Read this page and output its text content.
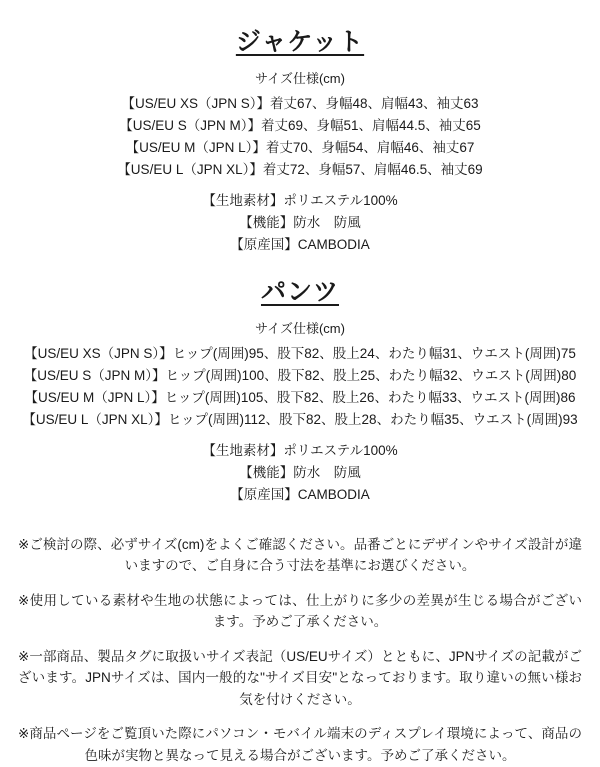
ジャケット
サイズ仕様(cm)
【US/EU XS（JPN S）】着丈67、身幅48、肩幅43、袖丈63
【US/EU S（JPN M）】着丈69、身幅51、肩幅44.5、袖丈65
【US/EU M（JPN L）】着丈70、身幅54、肩幅46、袖丈67
【US/EU L（JPN XL）】着丈72、身幅57、肩幅46.5、袖丈69
【生地素材】ポリエステル100%
【機能】防水　防風
【原産国】CAMBODIA
パンツ
サイズ仕様(cm)
【US/EU XS（JPN S）】ヒップ(周囲)95、股下82、股上24、わたり幅31、ウエスト(周囲)75
【US/EU S（JPN M）】ヒップ(周囲)100、股下82、股上25、わたり幅32、ウエスト(周囲)80
【US/EU M（JPN L）】ヒップ(周囲)105、股下82、股上26、わたり幅33、ウエスト(周囲)86
【US/EU L（JPN XL）】ヒップ(周囲)112、股下82、股上28、わたり幅35、ウエスト(周囲)93
【生地素材】ポリエステル100%
【機能】防水　防風
【原産国】CAMBODIA

※ご検討の際、必ずサイズ(cm)をよくご確認ください。品番ごとにデザインやサイズ設計が違いますので、ご自身に合う寸法を基準にお選びください。

※使用している素材や生地の状態によっては、仕上がりに多少の差異が生じる場合がございます。予めご了承ください。

※一部商品、製品タグに取扱いサイズ表記（US/EUサイズ）とともに、JPNサイズの記載がございます。JPNサイズは、国内一般的な"サイズ目安"となっております。取り違いの無い様お気を付けください。

※商品ページをご覧頂いた際にパソコン・モバイル端末のディスプレイ環境によって、商品の色味が実物と異なって見える場合がございます。予めご了承ください。
